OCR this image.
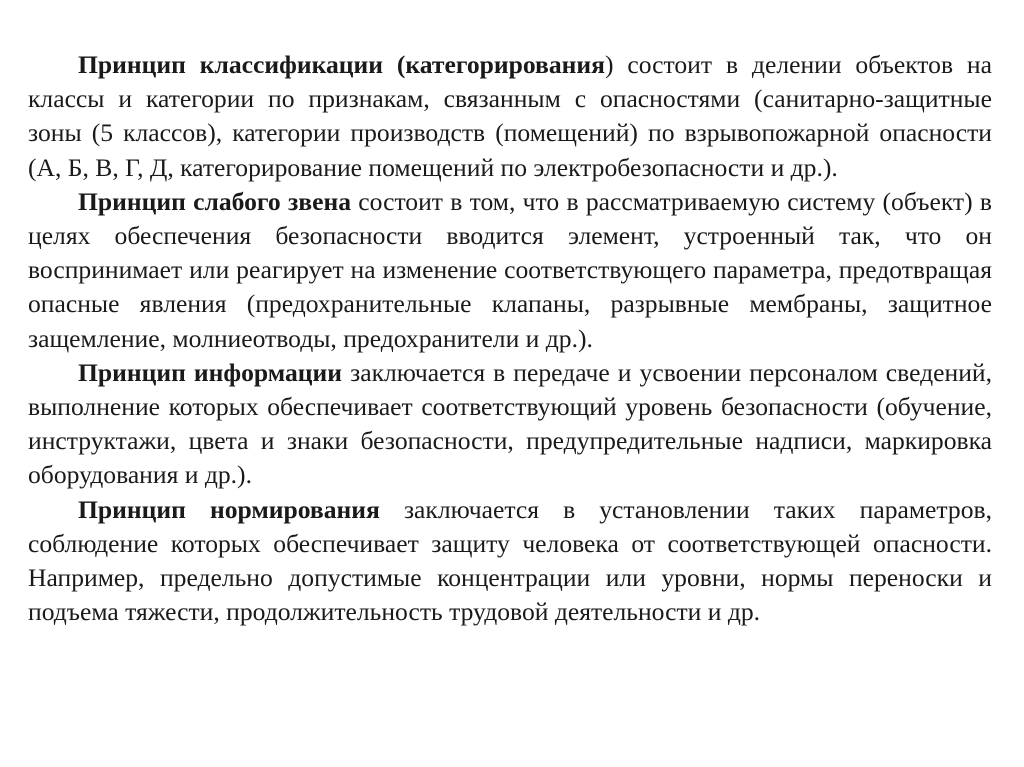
Принцип классификации (категорирования) состоит в делении объектов на классы и категории по признакам, связанным с опасностями (санитарно-защитные зоны (5 классов), категории производств (помещений) по взрывопожарной опасности (А, Б, В, Г, Д, категорирование помещений по электробезопасности и др.).

Принцип слабого звена состоит в том, что в рассматриваемую систему (объект) в целях обеспечения безопасности вводится элемент, устроенный так, что он воспринимает или реагирует на изменение соответствующего параметра, предотвращая опасные явления (предохранительные клапаны, разрывные мембраны, защитное защемление, молниеотводы, предохранители и др.).

Принцип информации заключается в передаче и усвоении персоналом сведений, выполнение которых обеспечивает соответствующий уровень безопасности (обучение, инструктажи, цвета и знаки безопасности, предупредительные надписи, маркировка оборудования и др.).

Принцип нормирования заключается в установлении таких параметров, соблюдение которых обеспечивает защиту человека от соответствующей опасности. Например, предельно допустимые концентрации или уровни, нормы переноски и подъема тяжести, продолжительность трудовой деятельности и др.
